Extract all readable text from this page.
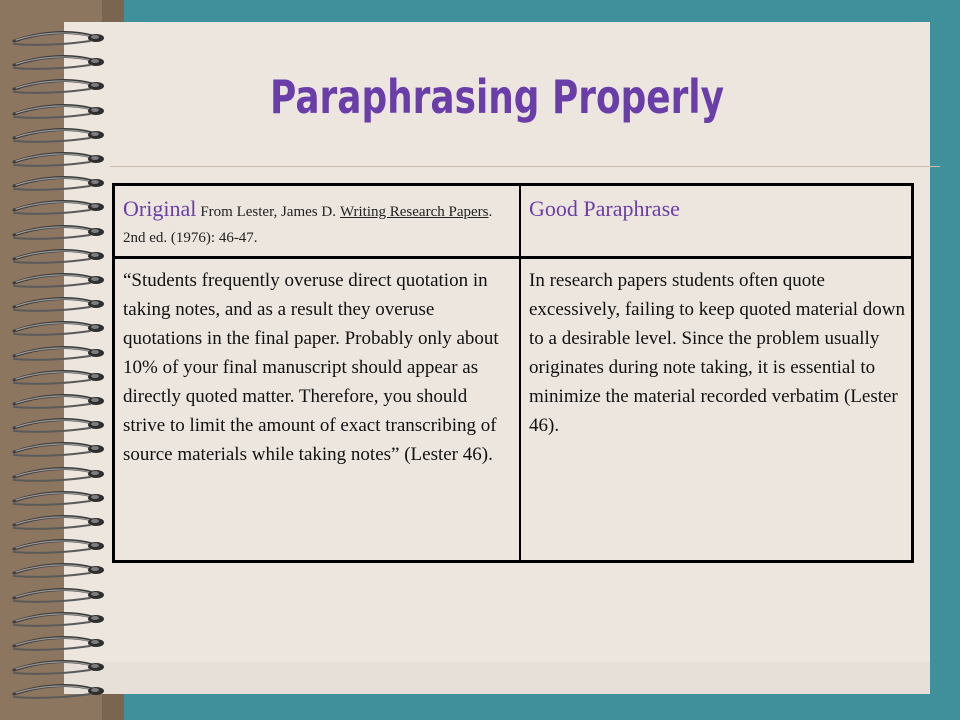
Paraphrasing Properly
Original From Lester, James D. Writing Research Papers. 2nd ed. (1976): 46-47.
Good Paraphrase
“Students frequently overuse direct quotation in taking notes, and as a result they overuse quotations in the final paper. Probably only about 10% of your final manuscript should appear as directly quoted matter. Therefore, you should strive to limit the amount of exact transcribing of source materials while taking notes” (Lester 46).
In research papers students often quote excessively, failing to keep quoted material down to a desirable level. Since the problem usually originates during note taking, it is essential to minimize the material recorded verbatim (Lester 46).
